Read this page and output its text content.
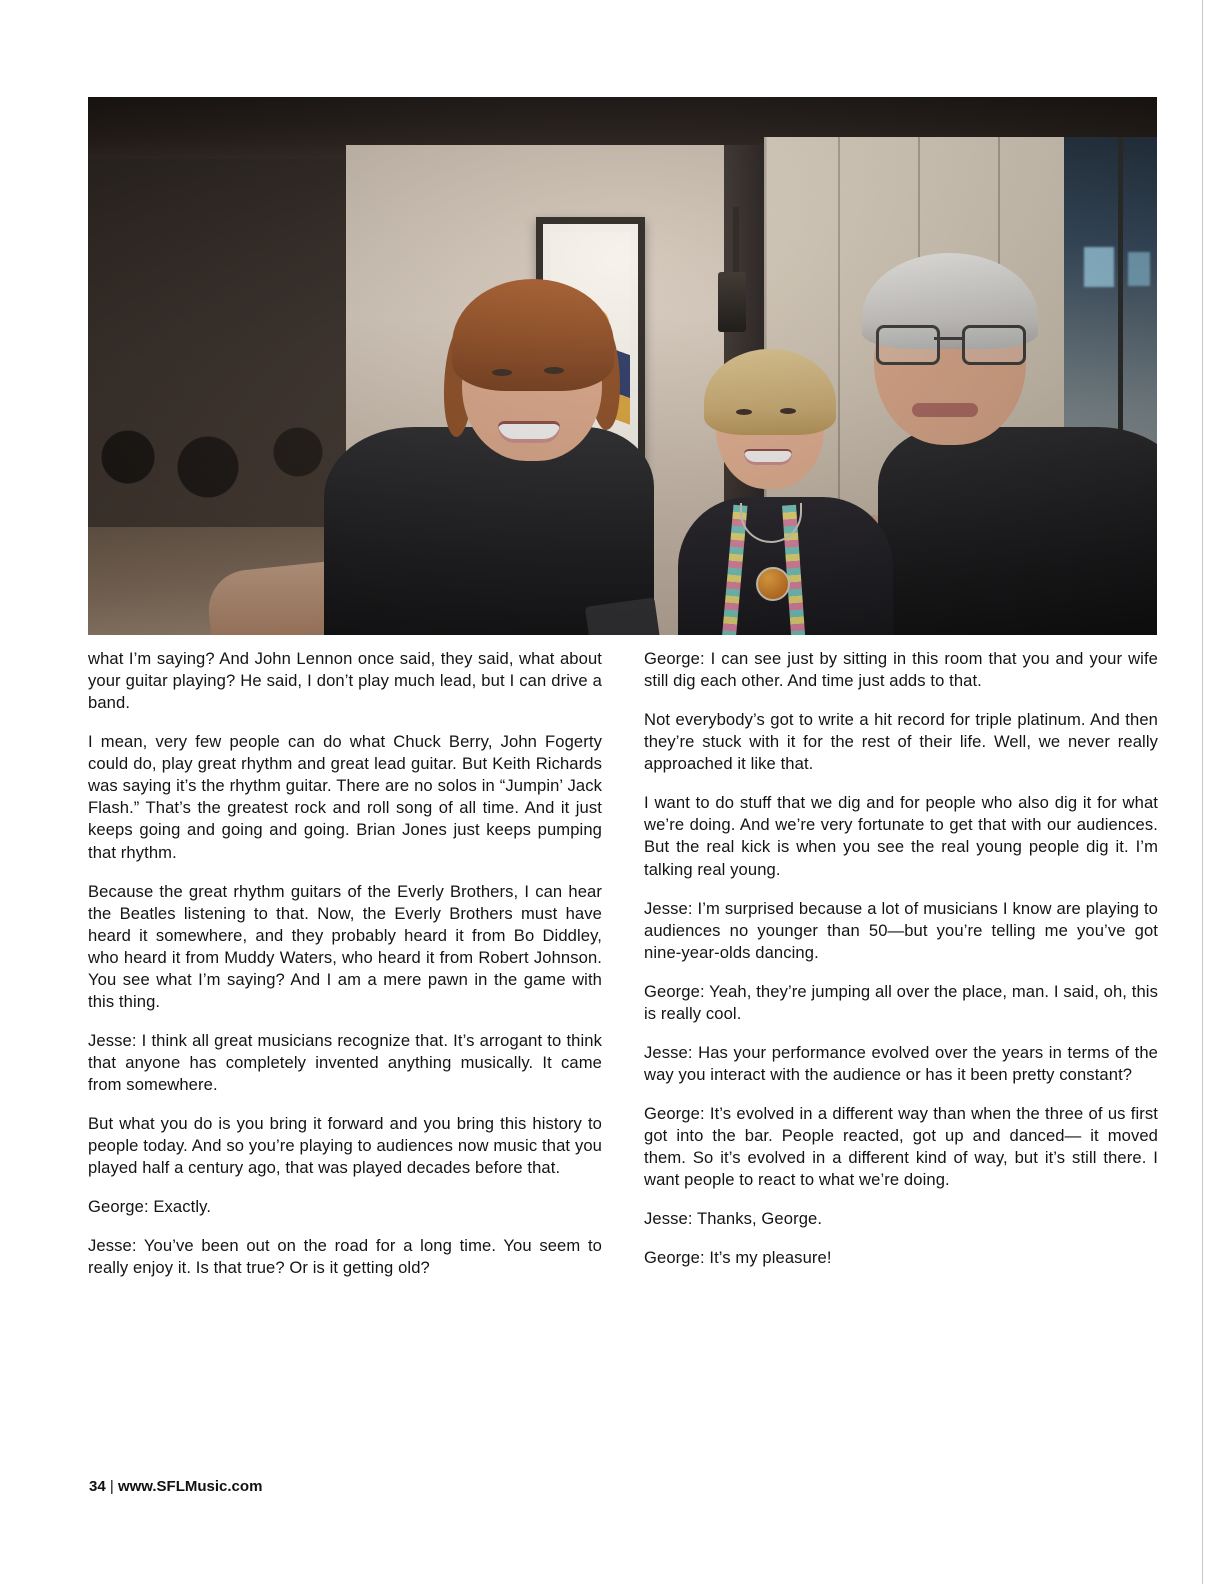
what I’m saying? And John Lennon once said, they said, what about your guitar playing? He said, I don’t play much lead, but I can drive a band.

I mean, very few people can do what Chuck Berry, John Fogerty could do, play great rhythm and great lead guitar. But Keith Richards was saying it’s the rhythm guitar. There are no solos in “Jumpin’ Jack Flash.” That’s the greatest rock and roll song of all time. And it just keeps going and going and going. Brian Jones just keeps pumping that rhythm.

Because the great rhythm guitars of the Everly Brothers, I can hear the Beatles listening to that. Now, the Everly Brothers must have heard it somewhere, and they probably heard it from Bo Diddley, who heard it from Muddy Waters, who heard it from Robert Johnson. You see what I’m saying? And I am a mere pawn in the game with this thing.

Jesse: I think all great musicians recognize that. It’s arrogant to think that anyone has completely invented anything musically. It came from somewhere.

But what you do is you bring it forward and you bring this history to people today. And so you’re playing to audiences now music that you played half a century ago, that was played decades before that.

George: Exactly.

Jesse: You’ve been out on the road for a long time. You seem to really enjoy it. Is that true? Or is it getting old?

George: I can see just by sitting in this room that you and your wife still dig each other. And time just adds to that.

Not everybody’s got to write a hit record for triple platinum. And then they’re stuck with it for the rest of their life. Well, we never really approached it like that.

I want to do stuff that we dig and for people who also dig it for what we’re doing. And we’re very fortunate to get that with our audiences. But the real kick is when you see the real young people dig it. I’m talking real young.

Jesse: I’m surprised because a lot of musicians I know are playing to audiences no younger than 50—but you’re telling me you’ve got nine-year-olds dancing.

George: Yeah, they’re jumping all over the place, man. I said, oh, this is really cool.

Jesse: Has your performance evolved over the years in terms of the way you interact with the audience or has it been pretty constant?

George: It’s evolved in a different way than when the three of us first got into the bar. People reacted, got up and danced— it moved them. So it’s evolved in a different kind of way, but it’s still there. I want people to react to what we’re doing.

Jesse: Thanks, George.

George: It’s my pleasure!

34 | www.SFLMusic.com
